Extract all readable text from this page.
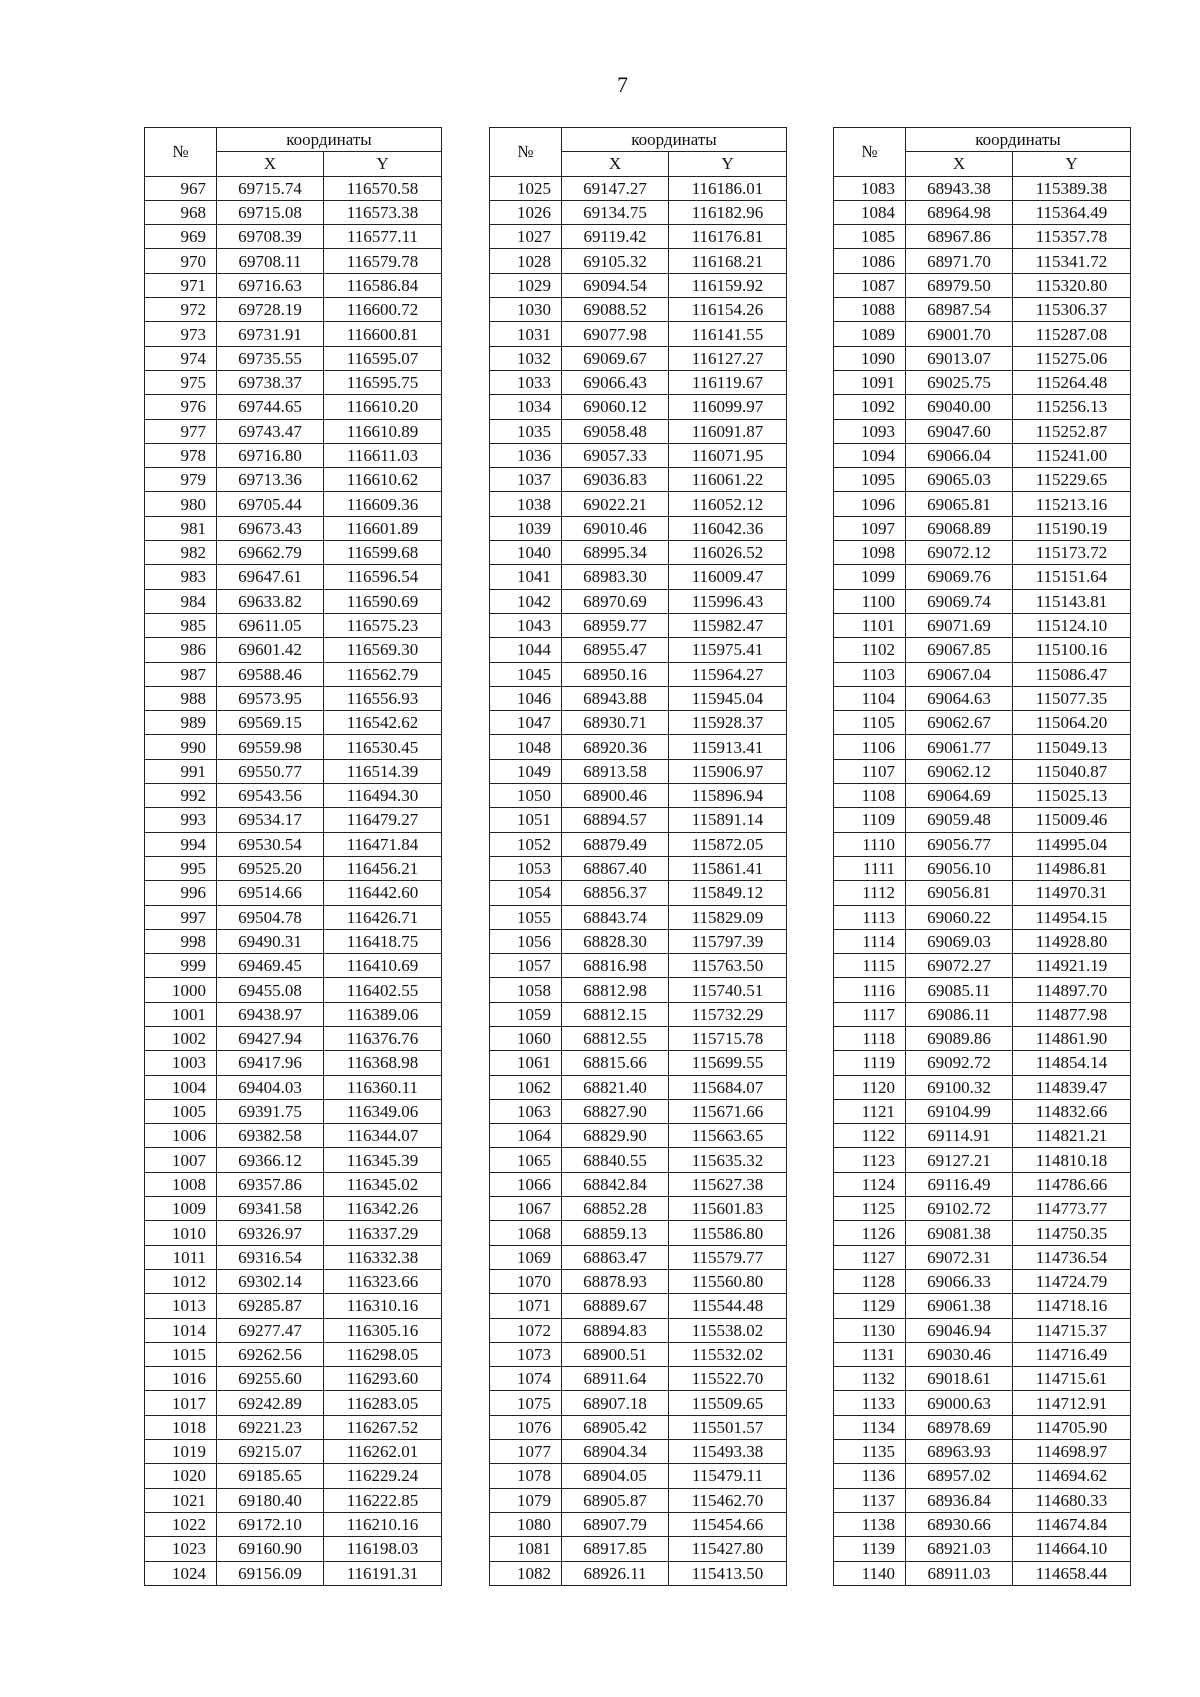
7
№	координаты	
	X	Y
967	69715.74	116570.58
968	69715.08	116573.38
969	69708.39	116577.11
970	69708.11	116579.78
971	69716.63	116586.84
972	69728.19	116600.72
973	69731.91	116600.81
974	69735.55	116595.07
975	69738.37	116595.75
976	69744.65	116610.20
977	69743.47	116610.89
978	69716.80	116611.03
979	69713.36	116610.62
980	69705.44	116609.36
981	69673.43	116601.89
982	69662.79	116599.68
983	69647.61	116596.54
984	69633.82	116590.69
985	69611.05	116575.23
986	69601.42	116569.30
987	69588.46	116562.79
988	69573.95	116556.93
989	69569.15	116542.62
990	69559.98	116530.45
991	69550.77	116514.39
992	69543.56	116494.30
993	69534.17	116479.27
994	69530.54	116471.84
995	69525.20	116456.21
996	69514.66	116442.60
997	69504.78	116426.71
998	69490.31	116418.75
999	69469.45	116410.69
1000	69455.08	116402.55
1001	69438.97	116389.06
1002	69427.94	116376.76
1003	69417.96	116368.98
1004	69404.03	116360.11
1005	69391.75	116349.06
1006	69382.58	116344.07
1007	69366.12	116345.39
1008	69357.86	116345.02
1009	69341.58	116342.26
1010	69326.97	116337.29
1011	69316.54	116332.38
1012	69302.14	116323.66
1013	69285.87	116310.16
1014	69277.47	116305.16
1015	69262.56	116298.05
1016	69255.60	116293.60
1017	69242.89	116283.05
1018	69221.23	116267.52
1019	69215.07	116262.01
1020	69185.65	116229.24
1021	69180.40	116222.85
1022	69172.10	116210.16
1023	69160.90	116198.03
1024	69156.09	116191.31
№	координаты	
	X	Y
1025	69147.27	116186.01
1026	69134.75	116182.96
1027	69119.42	116176.81
1028	69105.32	116168.21
1029	69094.54	116159.92
1030	69088.52	116154.26
1031	69077.98	116141.55
1032	69069.67	116127.27
1033	69066.43	116119.67
1034	69060.12	116099.97
1035	69058.48	116091.87
1036	69057.33	116071.95
1037	69036.83	116061.22
1038	69022.21	116052.12
1039	69010.46	116042.36
1040	68995.34	116026.52
1041	68983.30	116009.47
1042	68970.69	115996.43
1043	68959.77	115982.47
1044	68955.47	115975.41
1045	68950.16	115964.27
1046	68943.88	115945.04
1047	68930.71	115928.37
1048	68920.36	115913.41
1049	68913.58	115906.97
1050	68900.46	115896.94
1051	68894.57	115891.14
1052	68879.49	115872.05
1053	68867.40	115861.41
1054	68856.37	115849.12
1055	68843.74	115829.09
1056	68828.30	115797.39
1057	68816.98	115763.50
1058	68812.98	115740.51
1059	68812.15	115732.29
1060	68812.55	115715.78
1061	68815.66	115699.55
1062	68821.40	115684.07
1063	68827.90	115671.66
1064	68829.90	115663.65
1065	68840.55	115635.32
1066	68842.84	115627.38
1067	68852.28	115601.83
1068	68859.13	115586.80
1069	68863.47	115579.77
1070	68878.93	115560.80
1071	68889.67	115544.48
1072	68894.83	115538.02
1073	68900.51	115532.02
1074	68911.64	115522.70
1075	68907.18	115509.65
1076	68905.42	115501.57
1077	68904.34	115493.38
1078	68904.05	115479.11
1079	68905.87	115462.70
1080	68907.79	115454.66
1081	68917.85	115427.80
1082	68926.11	115413.50
№	координаты	
	X	Y
1083	68943.38	115389.38
1084	68964.98	115364.49
1085	68967.86	115357.78
1086	68971.70	115341.72
1087	68979.50	115320.80
1088	68987.54	115306.37
1089	69001.70	115287.08
1090	69013.07	115275.06
1091	69025.75	115264.48
1092	69040.00	115256.13
1093	69047.60	115252.87
1094	69066.04	115241.00
1095	69065.03	115229.65
1096	69065.81	115213.16
1097	69068.89	115190.19
1098	69072.12	115173.72
1099	69069.76	115151.64
1100	69069.74	115143.81
1101	69071.69	115124.10
1102	69067.85	115100.16
1103	69067.04	115086.47
1104	69064.63	115077.35
1105	69062.67	115064.20
1106	69061.77	115049.13
1107	69062.12	115040.87
1108	69064.69	115025.13
1109	69059.48	115009.46
1110	69056.77	114995.04
1111	69056.10	114986.81
1112	69056.81	114970.31
1113	69060.22	114954.15
1114	69069.03	114928.80
1115	69072.27	114921.19
1116	69085.11	114897.70
1117	69086.11	114877.98
1118	69089.86	114861.90
1119	69092.72	114854.14
1120	69100.32	114839.47
1121	69104.99	114832.66
1122	69114.91	114821.21
1123	69127.21	114810.18
1124	69116.49	114786.66
1125	69102.72	114773.77
1126	69081.38	114750.35
1127	69072.31	114736.54
1128	69066.33	114724.79
1129	69061.38	114718.16
1130	69046.94	114715.37
1131	69030.46	114716.49
1132	69018.61	114715.61
1133	69000.63	114712.91
1134	68978.69	114705.90
1135	68963.93	114698.97
1136	68957.02	114694.62
1137	68936.84	114680.33
1138	68930.66	114674.84
1139	68921.03	114664.10
1140	68911.03	114658.44
